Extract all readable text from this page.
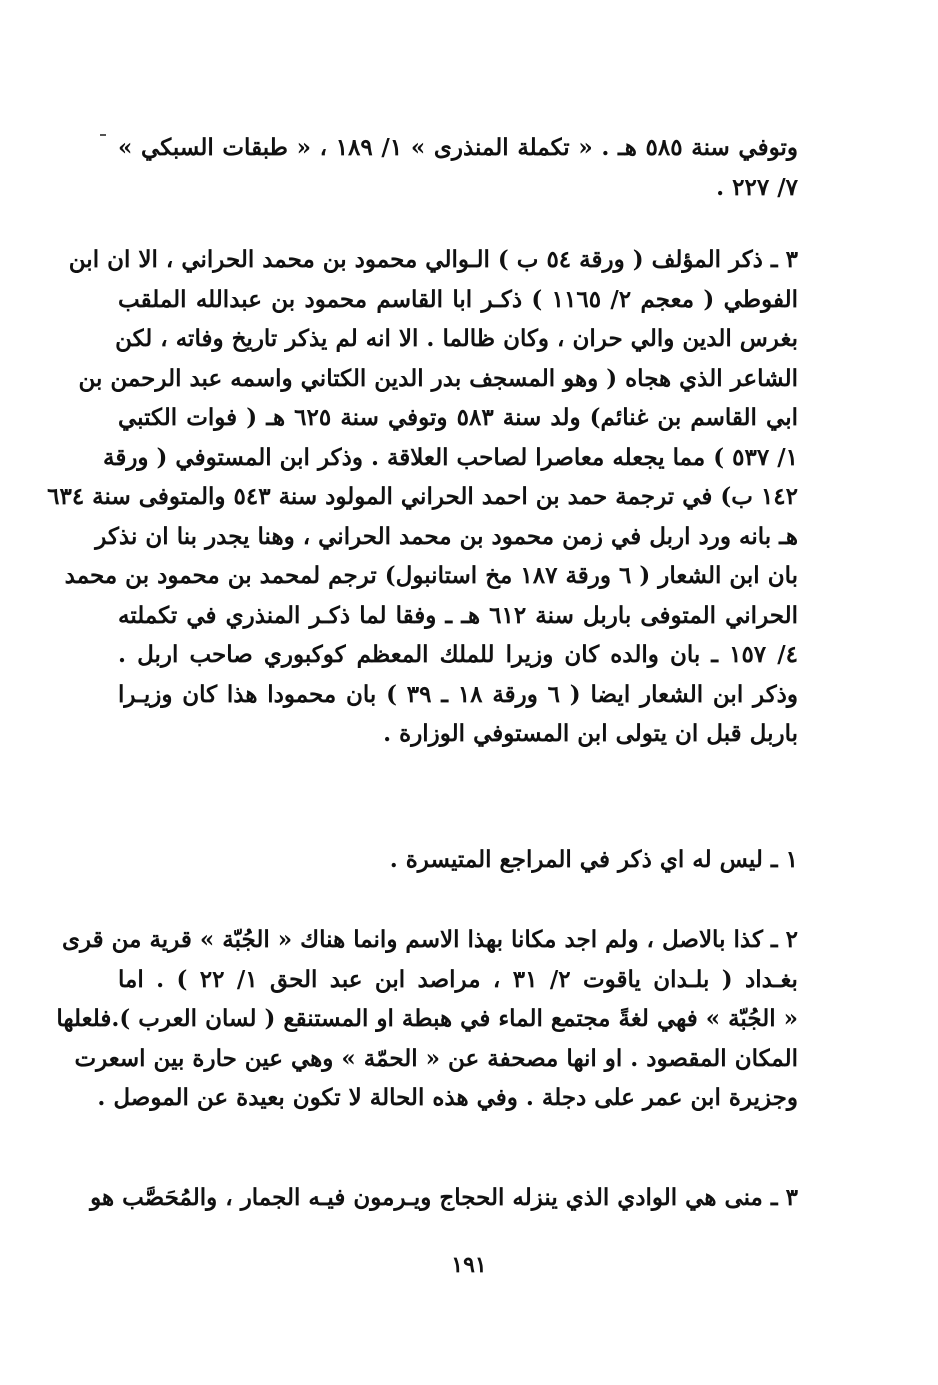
وتوفي سنة ٥٨٥ هـ . « تكملة المنذرى » ١/ ١٨٩ ، « طبقات السبكي »
٧/ ٢٢٧ .
٣ ـ ذكر المؤلف ( ورقة ٥٤ ب ) الـوالي محمود بن محمد الحراني ، الا ان ابن
الفوطي ( معجم ٢/ ١١٦٥ ) ذكـر ابا القاسم محمود بن عبدالله الملقب
بغرس الدين والي حران ، وكان ظالما . الا انه لم يذكر تاريخ وفاته ، لكن
الشاعر الذي هجاه ( وهو المسجف بدر الدين الكتاني واسمه عبد الرحمن بن
ابي القاسم بن غنائم) ولد سنة ٥٨٣ وتوفي سنة ٦٢٥ هـ ( فوات الكتبي
١/ ٥٣٧ ) مما يجعله معاصرا لصاحب العلاقة . وذكر ابن المستوفي ( ورقة
١٤٢ ب) في ترجمة حمد بن احمد الحراني المولود سنة ٥٤٣ والمتوفى سنة ٦٣٤
هـ بانه ورد اربل في زمن محمود بن محمد الحراني ، وهنا يجدر بنا ان نذكر
بان ابن الشعار ( ٦ ورقة ١٨٧ مخ استانبول) ترجم لمحمد بن محمود بن محمد
الحراني المتوفى باربل سنة ٦١٢ هـ ـ وفقا لما ذكـر المنذري في تكملته
٤/ ١٥٧ ـ بان والده كان وزيرا للملك المعظم كوكبوري صاحب اربل .
وذكر ابن الشعار ايضا ( ٦ ورقة ١٨ ـ ٣٩ ) بان محمودا هذا كان وزيـرا
باربل قبل ان يتولى ابن المستوفي الوزارة .
١ ـ ليس له اي ذكر في المراجع المتيسرة .
٢ ـ كذا بالاصل ، ولم اجد مكانا بهذا الاسم وانما هناك « الجُبّة » قرية من قرى
بغـداد ( بلـدان ياقوت ٢/ ٣١ ، مراصد ابن عبد الحق ١/ ٢٢ ) . اما
« الجُبّة » فهي لغةً مجتمع الماء في هبطة او المستنقع ( لسان العرب ).فلعلها
المكان المقصود . او انها مصحفة عن « الحمّة » وهي عين حارة بين اسعرت
وجزيرة ابن عمر على دجلة . وفي هذه الحالة لا تكون بعيدة عن الموصل .
٣ ـ منى هي الوادي الذي ينزله الحجاج ويـرمون فيـه الجمار ، والمُحَصَّب هو
١٩١
